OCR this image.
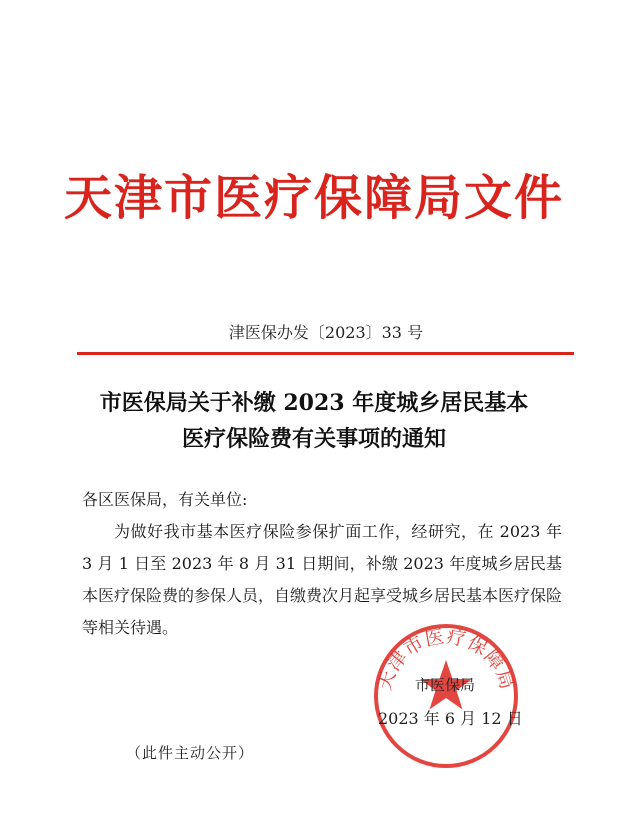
天津市医疗保障局文件
津医保办发〔2023〕33 号
市医保局关于补缴 2023 年度城乡居民基本
医疗保险费有关事项的通知
各区医保局，有关单位:
为做好我市基本医疗保险参保扩面工作，经研究，在 2023 年 3 月 1 日至 2023 年 8 月 31 日期间，补缴 2023 年度城乡居民基本医疗保险费的参保人员，自缴费次月起享受城乡居民基本医疗保险等相关待遇。
天津市医疗保障局
市医保局
2023 年 6 月 12 日
（此件主动公开）
